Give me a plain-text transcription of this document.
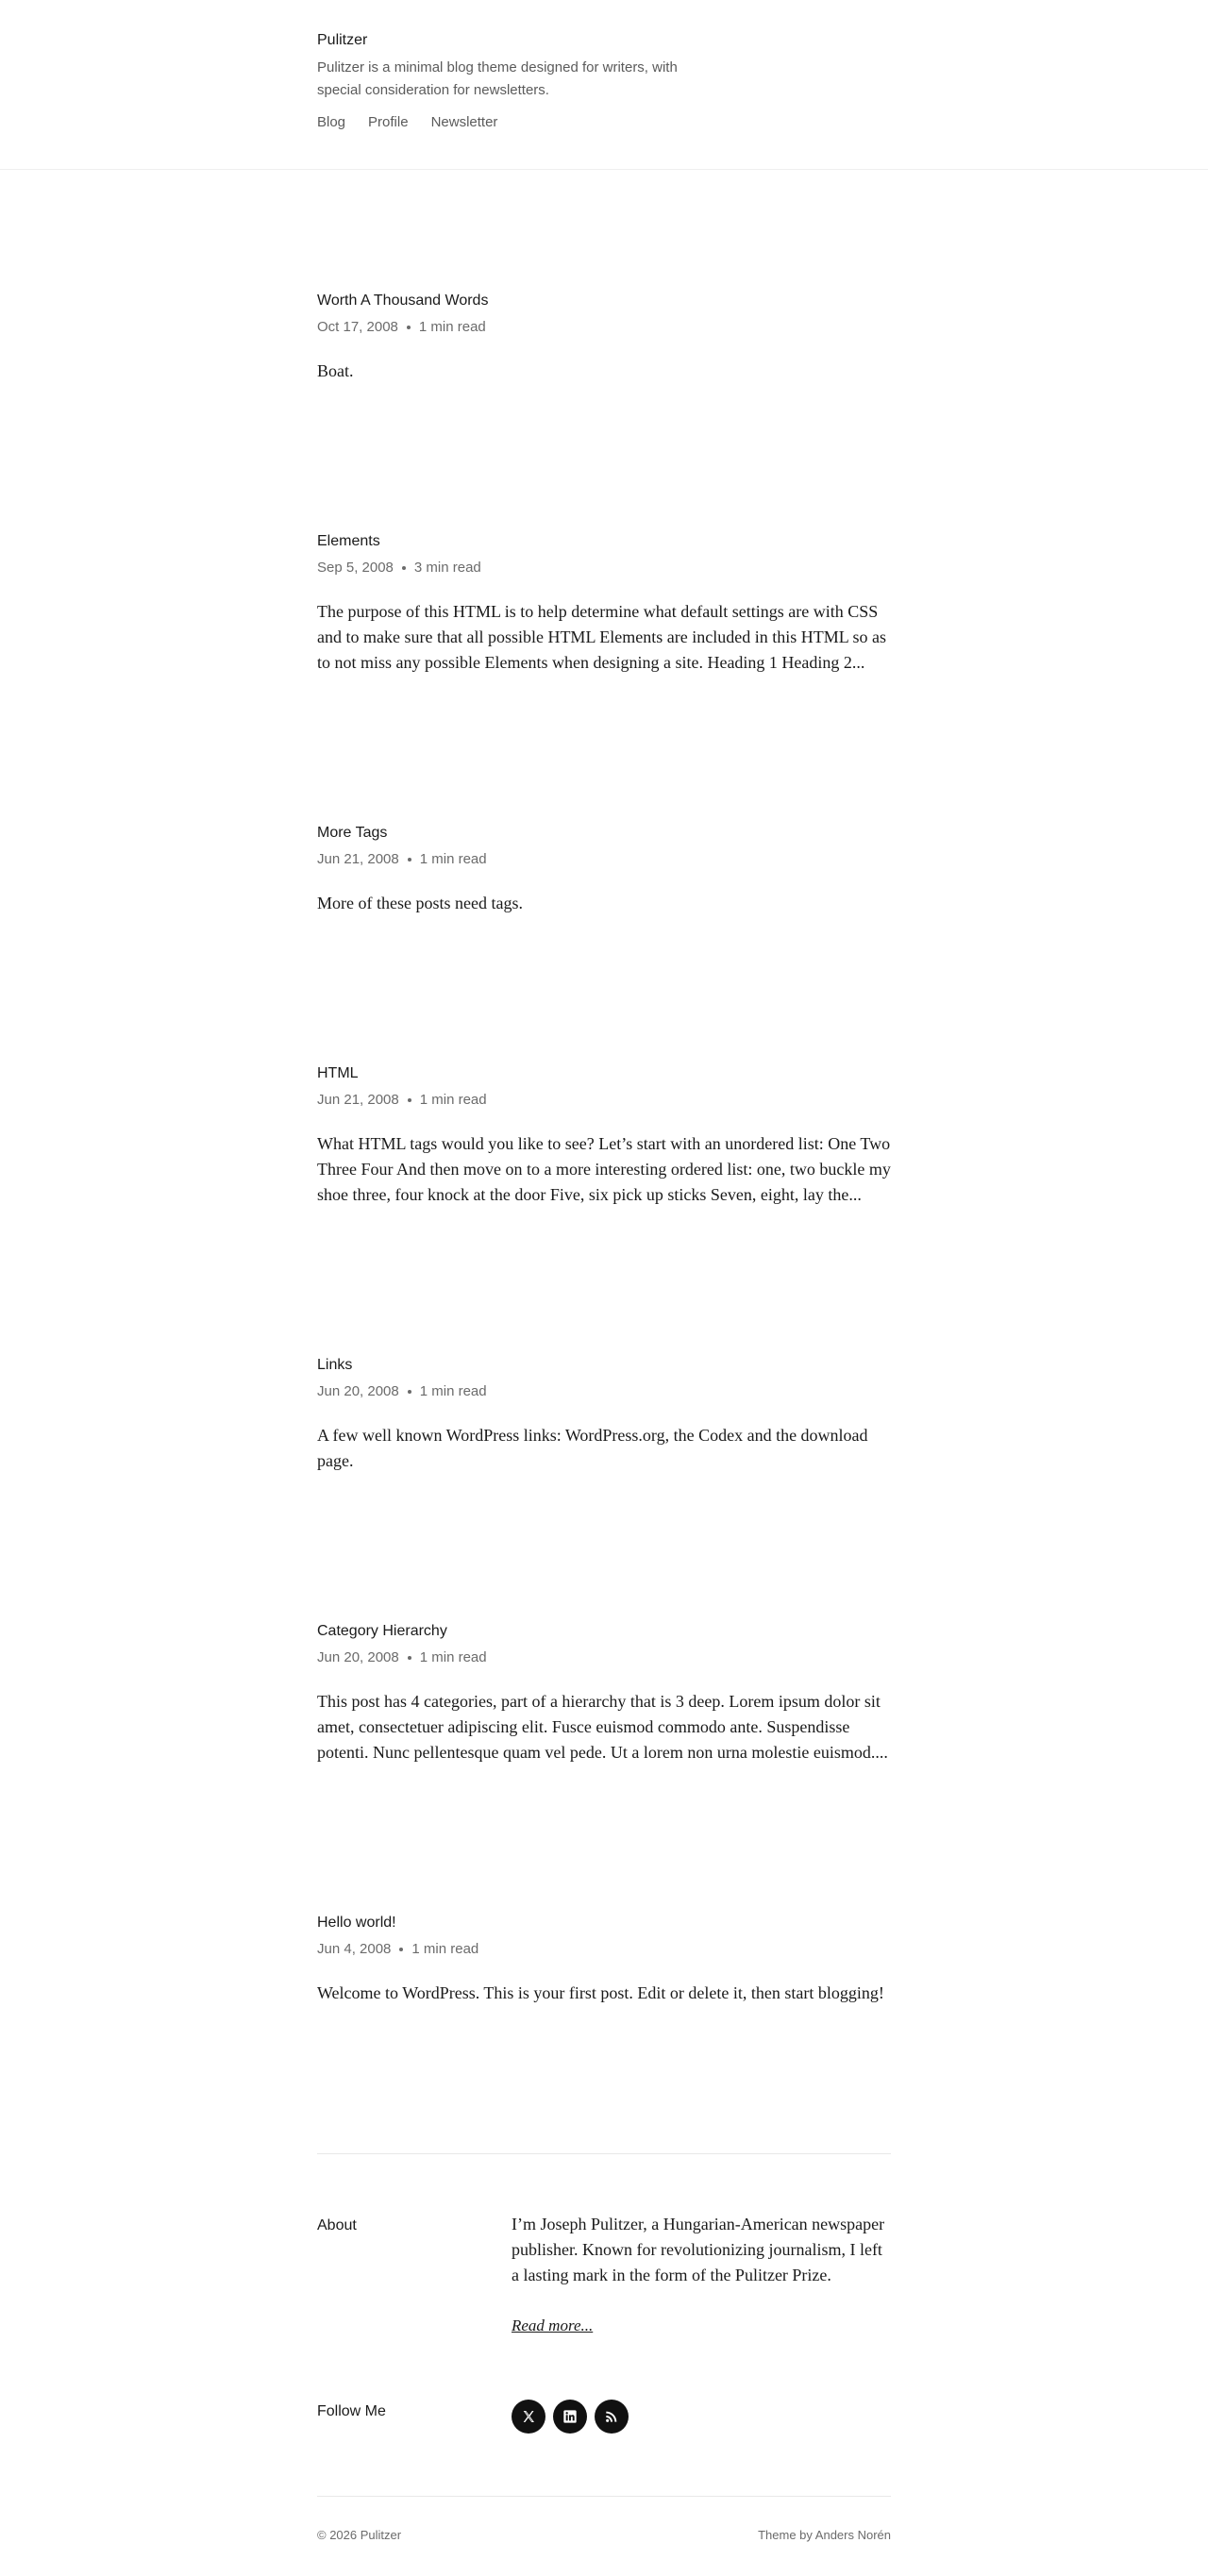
Pulitzer
Pulitzer is a minimal blog theme designed for writers, with special consideration for newsletters.
Blog Profile Newsletter
Worth A Thousand Words
Oct 17, 2008 1 min read
Boat.
Elements
Sep 5, 2008 3 min read
The purpose of this HTML is to help determine what default settings are with CSS and to make sure that all possible HTML Elements are included in this HTML so as to not miss any possible Elements when designing a site. Heading 1 Heading 2...
More Tags
Jun 21, 2008 1 min read
More of these posts need tags.
HTML
Jun 21, 2008 1 min read
What HTML tags would you like to see? Let’s start with an unordered list: One Two Three Four And then move on to a more interesting ordered list: one, two buckle my shoe three, four knock at the door Five, six pick up sticks Seven, eight, lay the...
Links
Jun 20, 2008 1 min read
A few well known WordPress links: WordPress.org, the Codex and the download page.
Category Hierarchy
Jun 20, 2008 1 min read
This post has 4 categories, part of a hierarchy that is 3 deep. Lorem ipsum dolor sit amet, consectetuer adipiscing elit. Fusce euismod commodo ante. Suspendisse potenti. Nunc pellentesque quam vel pede. Ut a lorem non urna molestie euismod....
Hello world!
Jun 4, 2008 1 min read
Welcome to WordPress. This is your first post. Edit or delete it, then start blogging!
About	I’m Joseph Pulitzer, a Hungarian-American newspaper publisher. Known for revolutionizing journalism, I left a lasting mark in the form of the Pulitzer Prize.
Read more...
Follow Me
© 2026 Pulitzer	Theme by Anders Norén
